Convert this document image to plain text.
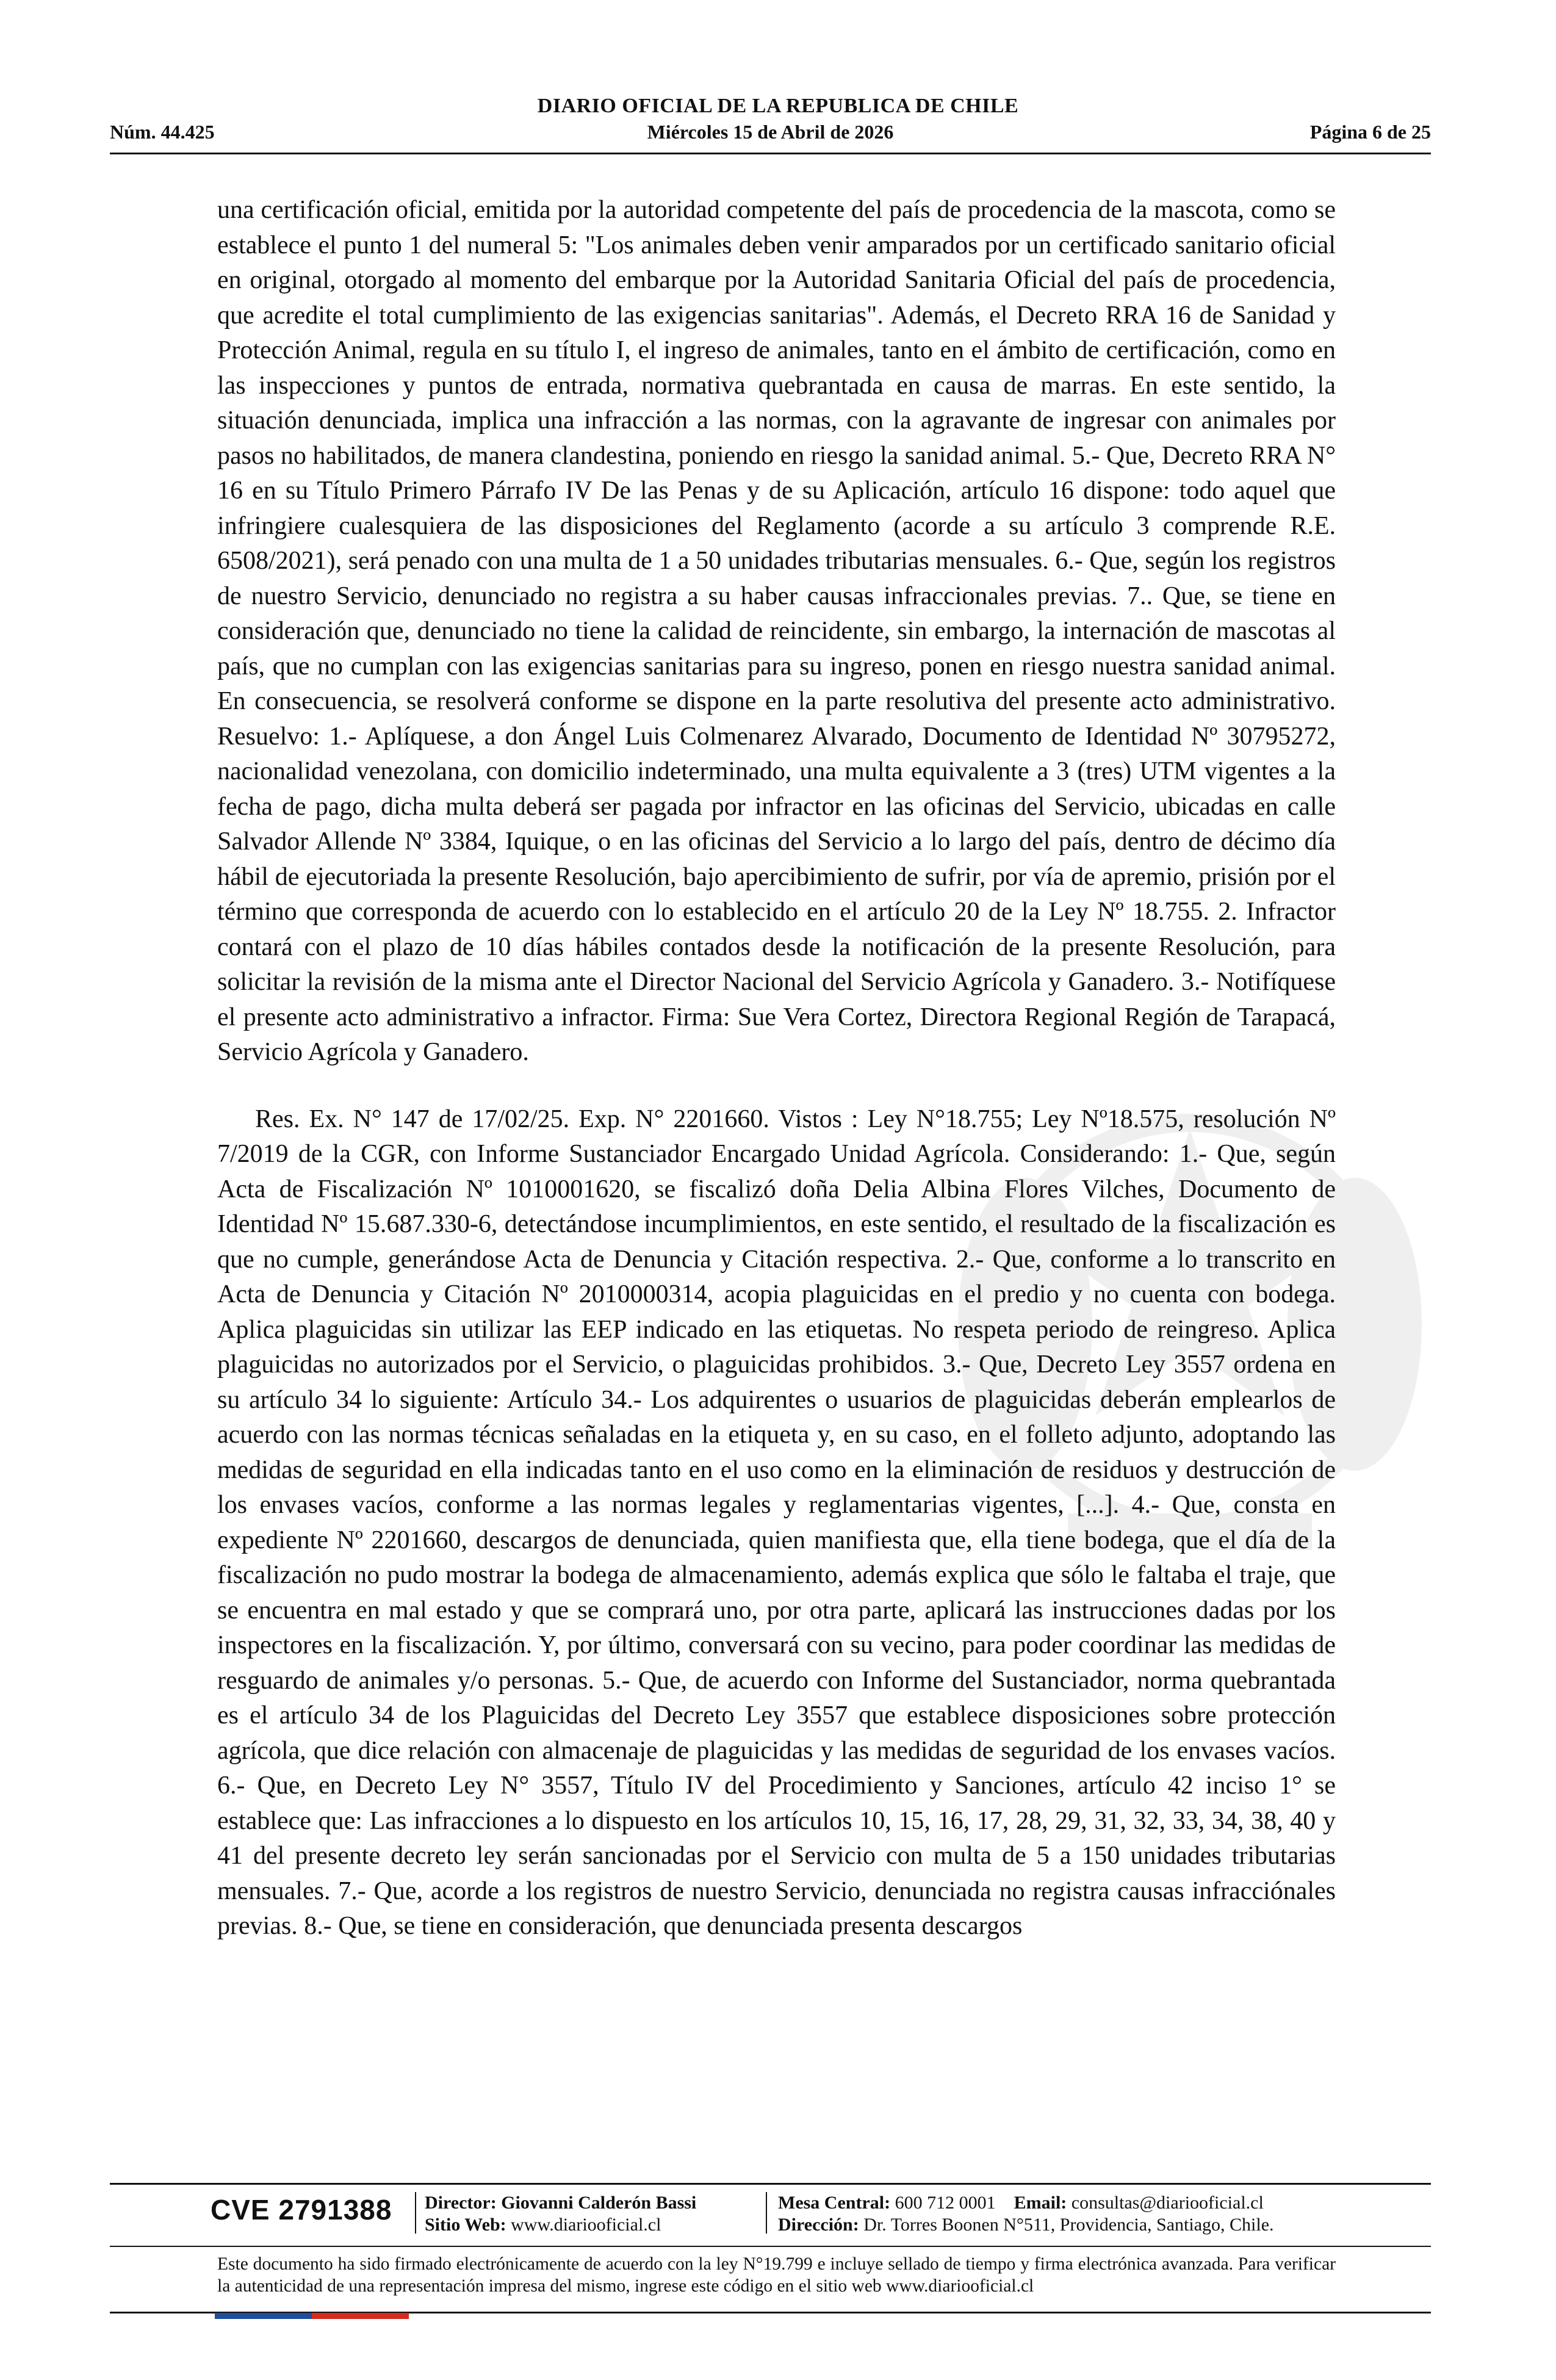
DIARIO OFICIAL DE LA REPUBLICA DE CHILE
Núm. 44.425	Miércoles 15 de Abril de 2026	Página 6 de 25

una certificación oficial, emitida por la autoridad competente del país de procedencia de la mascota, como se establece el punto 1 del numeral 5: "Los animales deben venir amparados por un certificado sanitario oficial en original, otorgado al momento del embarque por la Autoridad Sanitaria Oficial del país de procedencia, que acredite el total cumplimiento de las exigencias sanitarias". Además, el Decreto RRA 16 de Sanidad y Protección Animal, regula en su título I, el ingreso de animales, tanto en el ámbito de certificación, como en las inspecciones y puntos de entrada, normativa quebrantada en causa de marras. En este sentido, la situación denunciada, implica una infracción a las normas, con la agravante de ingresar con animales por pasos no habilitados, de manera clandestina, poniendo en riesgo la sanidad animal. 5.- Que, Decreto RRA N° 16 en su Título Primero Párrafo IV De las Penas y de su Aplicación, artículo 16 dispone: todo aquel que infringiere cualesquiera de las disposiciones del Reglamento (acorde a su artículo 3 comprende R.E. 6508/2021), será penado con una multa de 1 a 50 unidades tributarias mensuales. 6.- Que, según los registros de nuestro Servicio, denunciado no registra a su haber causas infraccionales previas. 7.. Que, se tiene en consideración que, denunciado no tiene la calidad de reincidente, sin embargo, la internación de mascotas al país, que no cumplan con las exigencias sanitarias para su ingreso, ponen en riesgo nuestra sanidad animal. En consecuencia, se resolverá conforme se dispone en la parte resolutiva del presente acto administrativo. Resuelvo: 1.- Aplíquese, a don Ángel Luis Colmenarez Alvarado, Documento de Identidad Nº 30795272, nacionalidad venezolana, con domicilio indeterminado, una multa equivalente a 3 (tres) UTM vigentes a la fecha de pago, dicha multa deberá ser pagada por infractor en las oficinas del Servicio, ubicadas en calle Salvador Allende Nº 3384, Iquique, o en las oficinas del Servicio a lo largo del país, dentro de décimo día hábil de ejecutoriada la presente Resolución, bajo apercibimiento de sufrir, por vía de apremio, prisión por el término que corresponda de acuerdo con lo establecido en el artículo 20 de la Ley Nº 18.755. 2. Infractor contará con el plazo de 10 días hábiles contados desde la notificación de la presente Resolución, para solicitar la revisión de la misma ante el Director Nacional del Servicio Agrícola y Ganadero. 3.- Notifíquese el presente acto administrativo a infractor. Firma: Sue Vera Cortez, Directora Regional Región de Tarapacá, Servicio Agrícola y Ganadero.

Res. Ex. N° 147 de 17/02/25. Exp. N° 2201660. Vistos : Ley N°18.755; Ley Nº18.575, resolución Nº 7/2019 de la CGR, con Informe Sustanciador Encargado Unidad Agrícola. Considerando: 1.- Que, según Acta de Fiscalización Nº 1010001620, se fiscalizó doña Delia Albina Flores Vilches, Documento de Identidad Nº 15.687.330-6, detectándose incumplimientos, en este sentido, el resultado de la fiscalización es que no cumple, generándose Acta de Denuncia y Citación respectiva. 2.- Que, conforme a lo transcrito en Acta de Denuncia y Citación Nº 2010000314, acopia plaguicidas en el predio y no cuenta con bodega. Aplica plaguicidas sin utilizar las EEP indicado en las etiquetas. No respeta periodo de reingreso. Aplica plaguicidas no autorizados por el Servicio, o plaguicidas prohibidos. 3.- Que, Decreto Ley 3557 ordena en su artículo 34 lo siguiente: Artículo 34.- Los adquirentes o usuarios de plaguicidas deberán emplearlos de acuerdo con las normas técnicas señaladas en la etiqueta y, en su caso, en el folleto adjunto, adoptando las medidas de seguridad en ella indicadas tanto en el uso como en la eliminación de residuos y destrucción de los envases vacíos, conforme a las normas legales y reglamentarias vigentes, [...]. 4.- Que, consta en expediente Nº 2201660, descargos de denunciada, quien manifiesta que, ella tiene bodega, que el día de la fiscalización no pudo mostrar la bodega de almacenamiento, además explica que sólo le faltaba el traje, que se encuentra en mal estado y que se comprará uno, por otra parte, aplicará las instrucciones dadas por los inspectores en la fiscalización. Y, por último, conversará con su vecino, para poder coordinar las medidas de resguardo de animales y/o personas. 5.- Que, de acuerdo con Informe del Sustanciador, norma quebrantada es el artículo 34 de los Plaguicidas del Decreto Ley 3557 que establece disposiciones sobre protección agrícola, que dice relación con almacenaje de plaguicidas y las medidas de seguridad de los envases vacíos. 6.- Que, en Decreto Ley N° 3557, Título IV del Procedimiento y Sanciones, artículo 42 inciso 1° se establece que: Las infracciones a lo dispuesto en los artículos 10, 15, 16, 17, 28, 29, 31, 32, 33, 34, 38, 40 y 41 del presente decreto ley serán sancionadas por el Servicio con multa de 5 a 150 unidades tributarias mensuales. 7.- Que, acorde a los registros de nuestro Servicio, denunciada no registra causas infracciónales previas. 8.- Que, se tiene en consideración, que denunciada presenta descargos

CVE 2791388 Director: Giovanni Calderón Bassi
Sitio Web: www.diariooficial.cl
Mesa Central: 600 712 0001 Email: consultas@diariooficial.cl
Dirección: Dr. Torres Boonen N°511, Providencia, Santiago, Chile.
Este documento ha sido firmado electrónicamente de acuerdo con la ley N°19.799 e incluye sellado de tiempo y firma electrónica avanzada. Para verificar la autenticidad de una representación impresa del mismo, ingrese este código en el sitio web www.diariooficial.cl
